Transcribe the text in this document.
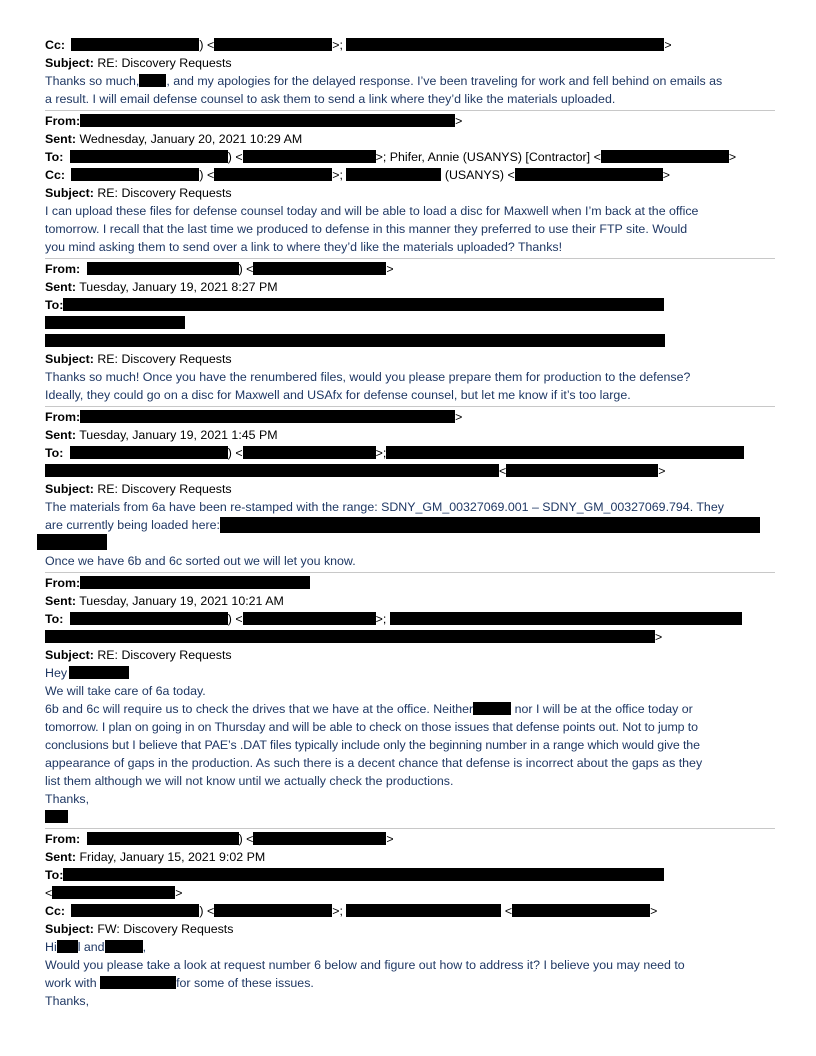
Cc:	) <	>;	>
Subject: RE: Discovery Requests
Thanks so much, , and my apologies for the delayed response. I’ve been traveling for work and fell behind on emails as
a result. I will email defense counsel to ask them to send a link where they’d like the materials uploaded.
From:	>
Sent: Wednesday, January 20, 2021 10:29 AM
To:	) <	>; Phifer, Annie (USANYS) [Contractor] <	>
Cc:	) <	>;	(USANYS) <	>
Subject: RE: Discovery Requests
I can upload these files for defense counsel today and will be able to load a disc for Maxwell when I’m back at the office
tomorrow. I recall that the last time we produced to defense in this manner they preferred to use their FTP site. Would
you mind asking them to send over a link to where they’d like the materials uploaded? Thanks!
From:	) <	>
Sent: Tuesday, January 19, 2021 8:27 PM
To:
Subject: RE: Discovery Requests
Thanks so much! Once you have the renumbered files, would you please prepare them for production to the defense?
Ideally, they could go on a disc for Maxwell and USAfx for defense counsel, but let me know if it’s too large.
From:	>
Sent: Tuesday, January 19, 2021 1:45 PM
To:	) <	>;
<	>
Subject: RE: Discovery Requests
The materials from 6a have been re-stamped with the range: SDNY_GM_00327069.001 – SDNY_GM_00327069.794. They
are currently being loaded here:
Once we have 6b and 6c sorted out we will let you know.
From:
Sent: Tuesday, January 19, 2021 10:21 AM
To:	) <	>;
>
Subject: RE: Discovery Requests
Hey
We will take care of 6a today.
6b and 6c will require us to check the drives that we have at the office. Neither	nor I will be at the office today or
tomorrow. I plan on going in on Thursday and will be able to check on those issues that defense points out. Not to jump to
conclusions but I believe that PAE’s .DAT files typically include only the beginning number in a range which would give the
appearance of gaps in the production. As such there is a decent chance that defense is incorrect about the gaps as they
list them although we will not know until we actually check the productions.
Thanks,
From:	) <	>
Sent: Friday, January 15, 2021 9:02 PM
To:
<	>
Cc:	) <	>;	<	>
Subject: FW: Discovery Requests
Hi l and	,
Would you please take a look at request number 6 below and figure out how to address it? I believe you may need to
work with	for some of these issues.
Thanks,
